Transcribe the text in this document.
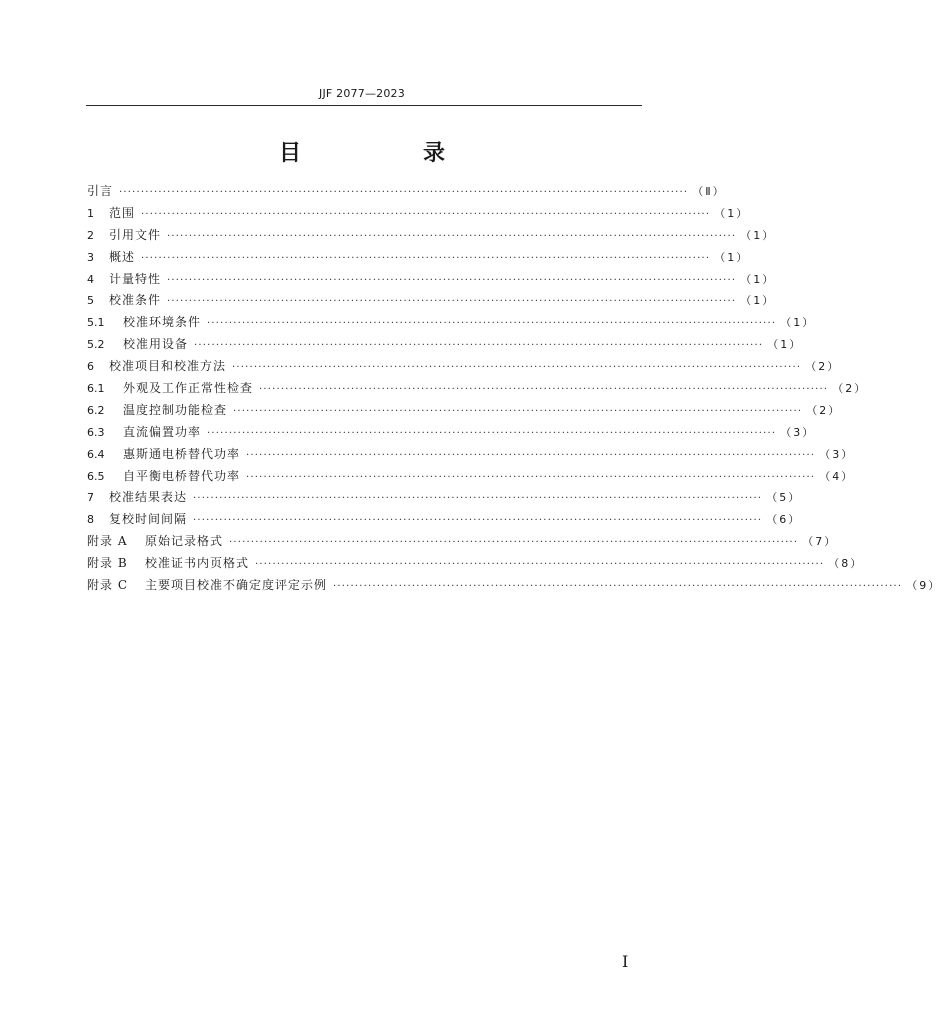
JJF 2077—2023
目　录
引言 ·································································································································· （Ⅱ）
1 范围 ·································································································································· （1）
2 引用文件 ·································································································································· （1）
3 概述 ·································································································································· （1）
4 计量特性 ·································································································································· （1）
5 校准条件 ·································································································································· （1）
5.1 校准环境条件 ·································································································································· （1）
5.2 校准用设备 ·································································································································· （1）
6 校准项目和校准方法 ·································································································································· （2）
6.1 外观及工作正常性检查 ·································································································································· （2）
6.2 温度控制功能检查 ·································································································································· （2）
6.3 直流偏置功率 ·································································································································· （3）
6.4 惠斯通电桥替代功率 ·································································································································· （3）
6.5 自平衡电桥替代功率 ·································································································································· （4）
7 校准结果表达 ·································································································································· （5）
8 复校时间间隔 ·································································································································· （6）
附录 A 原始记录格式 ·································································································································· （7）
附录 B 校准证书内页格式 ·································································································································· （8）
附录 C 主要项目校准不确定度评定示例 ·································································································································· （9）
I
